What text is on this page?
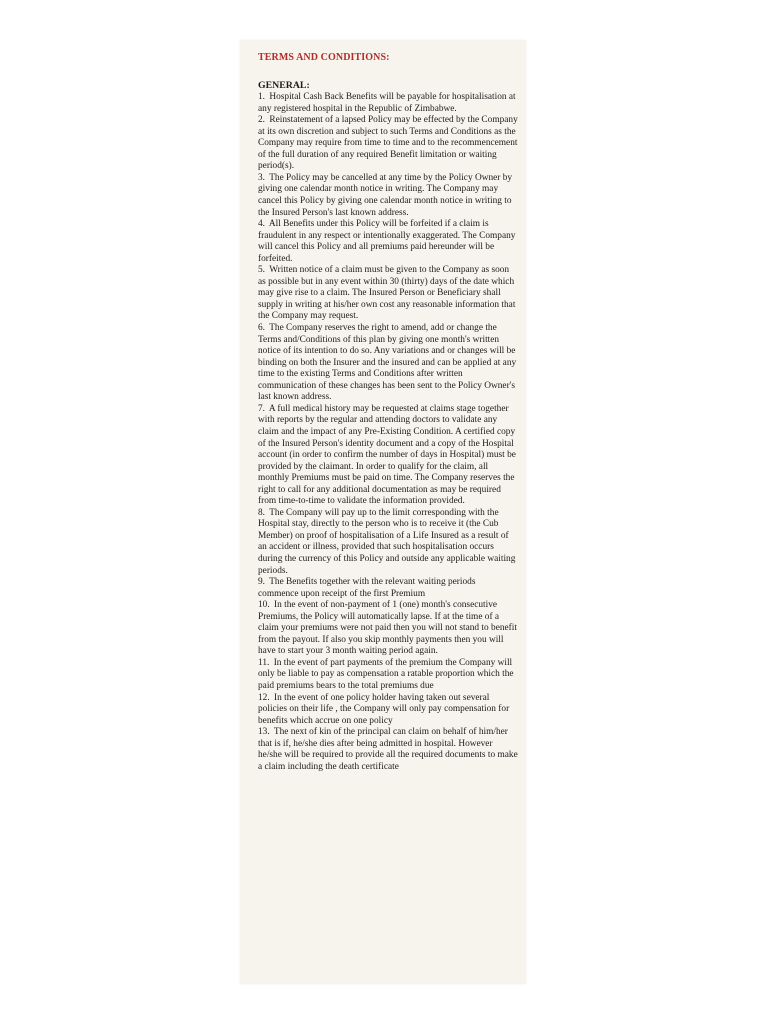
TERMS AND CONDITIONS:
GENERAL:

1. Hospital Cash Back Benefits will be payable for hospitalisation at any registered hospital in the Republic of Zimbabwe.

2. Reinstatement of a lapsed Policy may be effected by the Company at its own discretion and subject to such Terms and Conditions as the Company may require from time to time and to the recommencement of the full duration of any required Benefit limitation or waiting period(s).

3. The Policy may be cancelled at any time by the Policy Owner by giving one calendar month notice in writing. The Company may cancel this Policy by giving one calendar month notice in writing to the Insured Person's last known address.

4. All Benefits under this Policy will be forfeited if a claim is fraudulent in any respect or intentionally exaggerated. The Company will cancel this Policy and all premiums paid hereunder will be forfeited.

5. Written notice of a claim must be given to the Company as soon as possible but in any event within 30 (thirty) days of the date which may give rise to a claim. The Insured Person or Beneficiary shall supply in writing at his/her own cost any reasonable information that the Company may request.

6. The Company reserves the right to amend, add or change the Terms and/Conditions of this plan by giving one month's written notice of its intention to do so. Any variations and or changes will be binding on both the Insurer and the insured and can be applied at any time to the existing Terms and Conditions after written communication of these changes has been sent to the Policy Owner's last known address.

7. A full medical history may be requested at claims stage together with reports by the regular and attending doctors to validate any claim and the impact of any Pre-Existing Condition. A certified copy of the Insured Person's identity document and a copy of the Hospital account (in order to confirm the number of days in Hospital) must be provided by the claimant. In order to qualify for the claim, all monthly Premiums must be paid on time. The Company reserves the right to call for any additional documentation as may be required from time-to-time to validate the information provided.

8. The Company will pay up to the limit corresponding with the Hospital stay, directly to the person who is to receive it (the Cub Member) on proof of hospitalisation of a Life Insured as a result of an accident or illness, provided that such hospitalisation occurs during the currency of this Policy and outside any applicable waiting periods.

9. The Benefits together with the relevant waiting periods commence upon receipt of the first Premium

10. In the event of non-payment of 1 (one) month's consecutive Premiums, the Policy will automatically lapse. If at the time of a claim your premiums were not paid then you will not stand to benefit from the payout. If also you skip monthly payments then you will have to start your 3 month waiting period again.

11. In the event of part payments of the premium the Company will only be liable to pay as compensation a ratable proportion which the paid premiums bears to the total premiums due

12. In the event of one policy holder having taken out several policies on their life , the Company will only pay compensation for benefits which accrue on one policy

13. The next of kin of the principal can claim on behalf of him/her that is if, he/she dies after being admitted in hospital. However he/she will be required to provide all the required documents to make a claim including the death certificate
